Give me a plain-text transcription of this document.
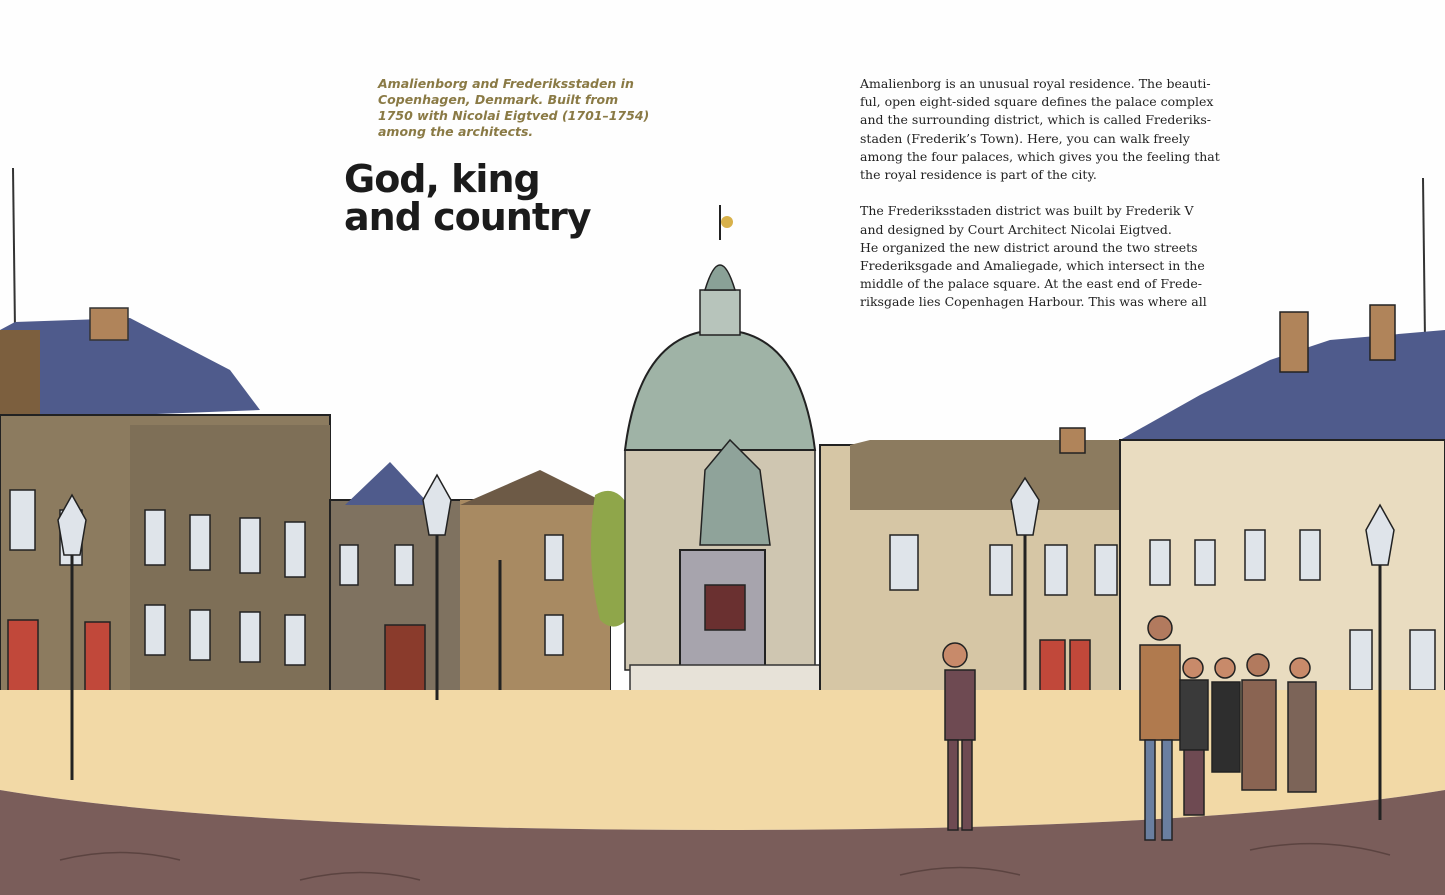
Amalienborg and Frederiksstaden in
Copenhagen, Denmark. Built from
1750 with Nicolai Eigtved (1701–1754)
among the architects.

God, king
and country
Amalienborg is an unusual royal residence. The beauti-
ful, open eight-sided square defines the palace complex
and the surrounding district, which is called Frederiks-
staden (Frederik’s Town). Here, you can walk freely
among the four palaces, which gives you the feeling that
the royal residence is part of the city.
The Frederiksstaden district was built by Frederik V
and designed by Court Architect Nicolai Eigtved.
He organized the new district around the two streets
Frederiksgade and Amaliegade, which intersect in the
middle of the palace square. At the east end of Frede-
riksgade lies Copenhagen Harbour. This was where all
